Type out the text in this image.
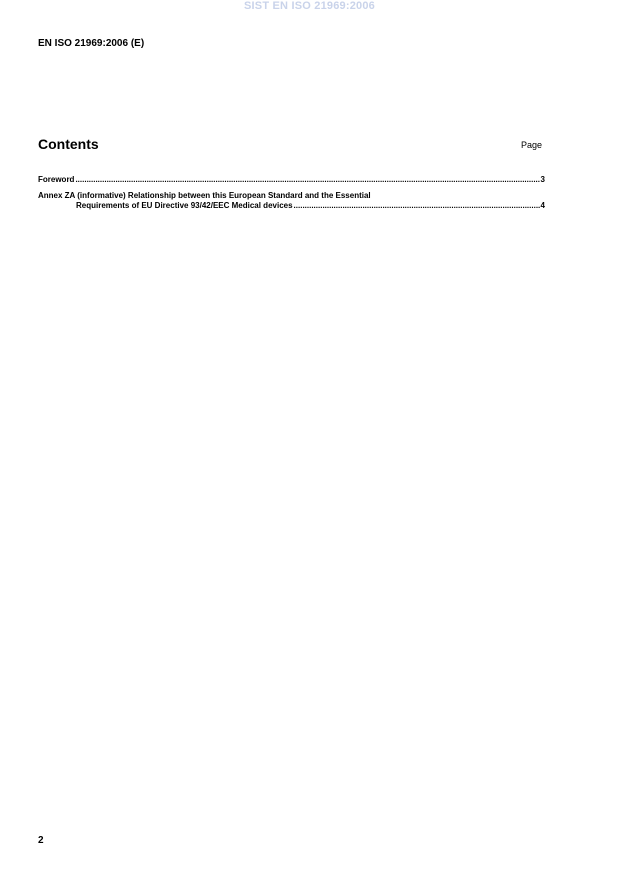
SIST EN ISO 21969:2006
EN ISO 21969:2006 (E)
Contents	Page
Foreword .....	3
Annex ZA (informative) Relationship between this European Standard and the Essential
Requirements of EU Directive 93/42/EEC Medical devices .....	4
2
